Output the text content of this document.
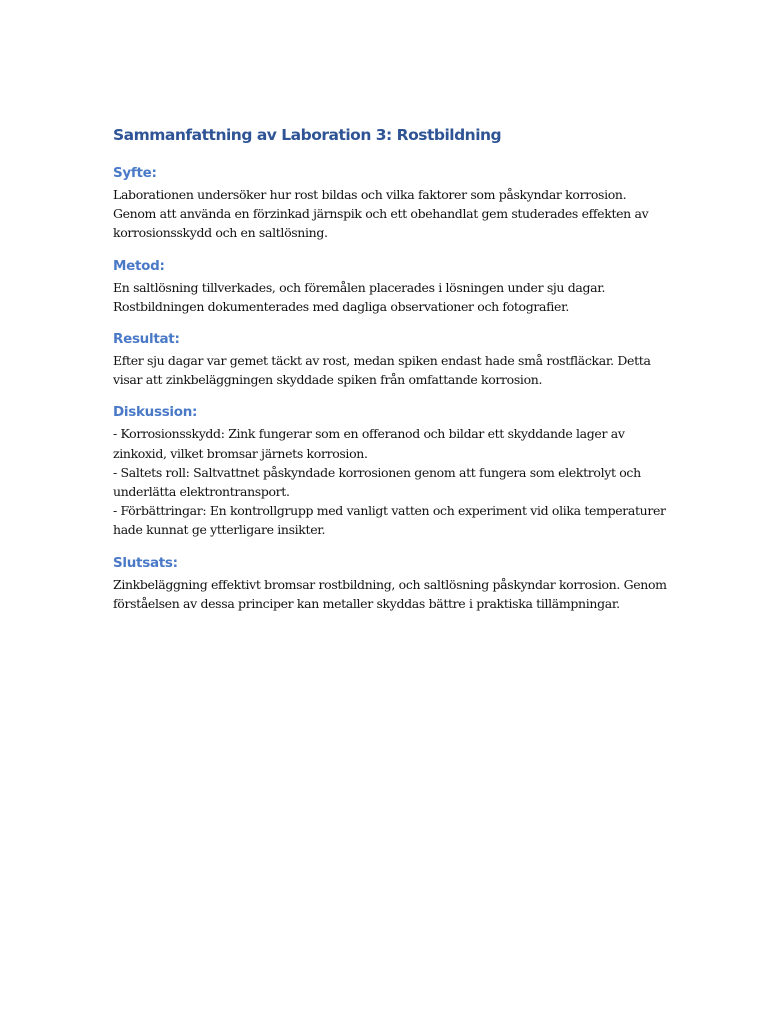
Sammanfattning av Laboration 3: Rostbildning
Syfte:

Laborationen undersöker hur rost bildas och vilka faktorer som påskyndar korrosion.
Genom att använda en förzinkad järnspik och ett obehandlat gem studerades effekten av
korrosionsskydd och en saltlösning.

Metod:

En saltlösning tillverkades, och föremålen placerades i lösningen under sju dagar.
Rostbildningen dokumenterades med dagliga observationer och fotografier.

Resultat:

Efter sju dagar var gemet täckt av rost, medan spiken endast hade små rostfläckar. Detta
visar att zinkbeläggningen skyddade spiken från omfattande korrosion.

Diskussion:

- Korrosionsskydd: Zink fungerar som en offeranod och bildar ett skyddande lager av
zinkoxid, vilket bromsar järnets korrosion.
- Saltets roll: Saltvattnet påskyndade korrosionen genom att fungera som elektrolyt och
underlätta elektrontransport.
- Förbättringar: En kontrollgrupp med vanligt vatten och experiment vid olika temperaturer
hade kunnat ge ytterligare insikter.

Slutsats:

Zinkbeläggning effektivt bromsar rostbildning, och saltlösning påskyndar korrosion. Genom
förståelsen av dessa principer kan metaller skyddas bättre i praktiska tillämpningar.
